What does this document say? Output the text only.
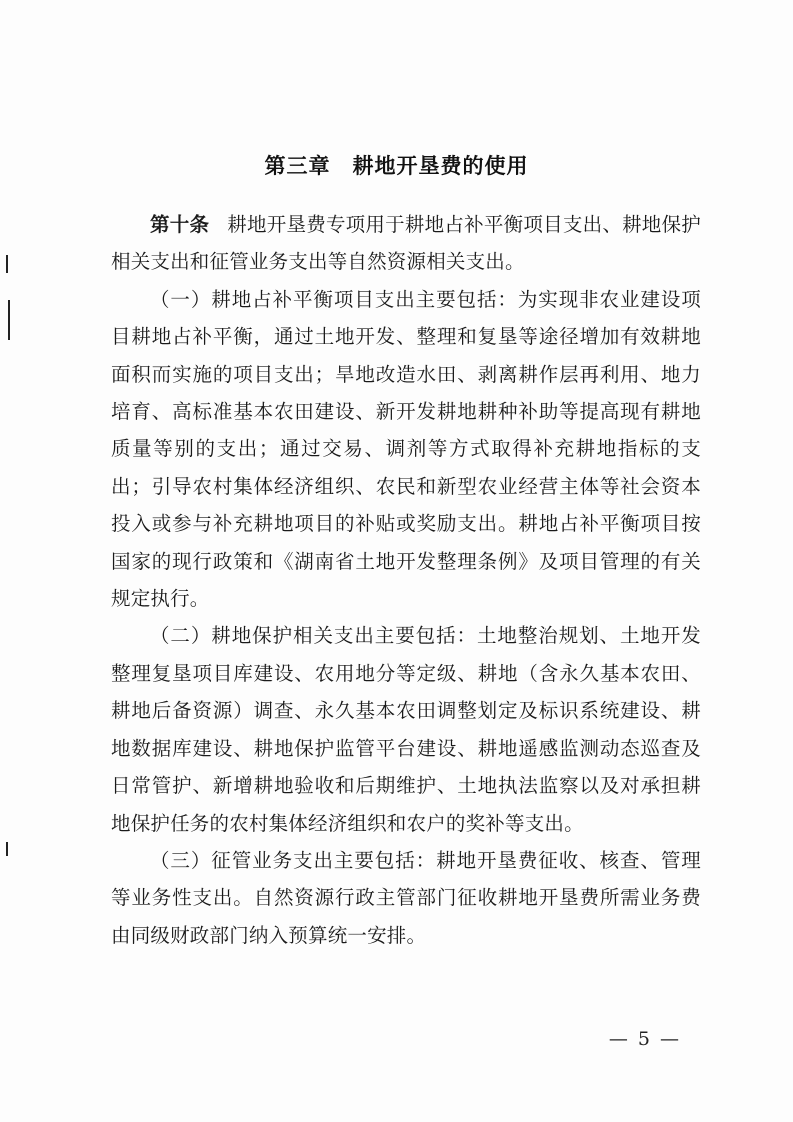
第三章 耕地开垦费的使用

第十条 耕地开垦费专项用于耕地占补平衡项目支出、耕地保护相关支出和征管业务支出等自然资源相关支出。

（一）耕地占补平衡项目支出主要包括：为实现非农业建设项目耕地占补平衡，通过土地开发、整理和复垦等途径增加有效耕地面积而实施的项目支出；旱地改造水田、剥离耕作层再利用、地力培育、高标准基本农田建设、新开发耕地耕种补助等提高现有耕地质量等别的支出；通过交易、调剂等方式取得补充耕地指标的支出；引导农村集体经济组织、农民和新型农业经营主体等社会资本投入或参与补充耕地项目的补贴或奖励支出。耕地占补平衡项目按国家的现行政策和《湖南省土地开发整理条例》及项目管理的有关规定执行。

（二）耕地保护相关支出主要包括：土地整治规划、土地开发整理复垦项目库建设、农用地分等定级、耕地（含永久基本农田、耕地后备资源）调查、永久基本农田调整划定及标识系统建设、耕地数据库建设、耕地保护监管平台建设、耕地遥感监测动态巡查及日常管护、新增耕地验收和后期维护、土地执法监察以及对承担耕地保护任务的农村集体经济组织和农户的奖补等支出。

（三）征管业务支出主要包括：耕地开垦费征收、核查、管理等业务性支出。自然资源行政主管部门征收耕地开垦费所需业务费由同级财政部门纳入预算统一安排。

— 5 —
